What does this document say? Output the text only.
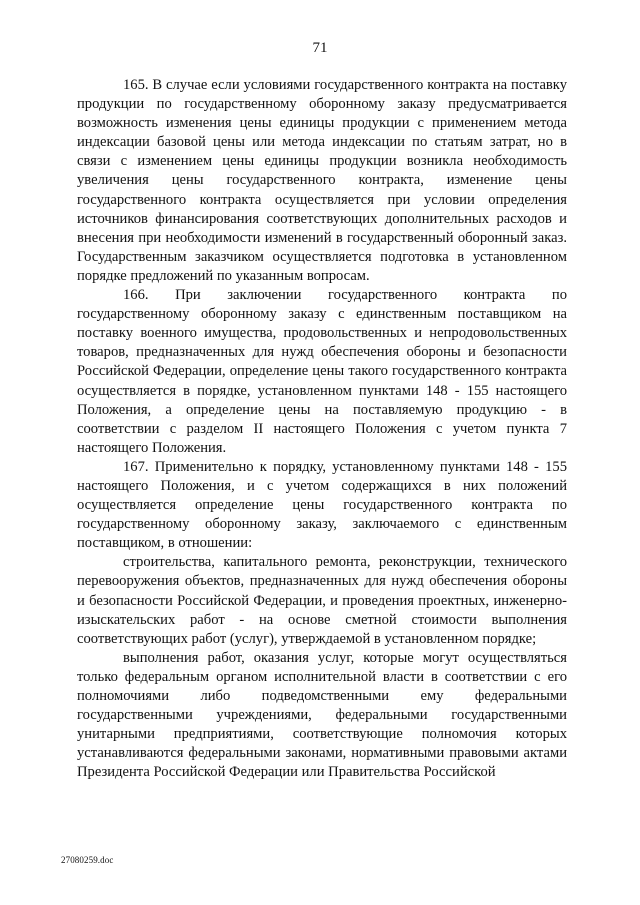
71

165. В случае если условиями государственного контракта на поставку продукции по государственному оборонному заказу предусматривается возможность изменения цены единицы продукции с применением метода индексации базовой цены или метода индексации по статьям затрат, но в связи с изменением цены единицы продукции возникла необходимость увеличения цены государственного контракта, изменение цены государственного контракта осуществляется при условии определения источников финансирования соответствующих дополнительных расходов и внесения при необходимости изменений в государственный оборонный заказ. Государственным заказчиком осуществляется подготовка в установленном порядке предложений по указанным вопросам.

166. При заключении государственного контракта по государственному оборонному заказу с единственным поставщиком на поставку военного имущества, продовольственных и непродовольственных товаров, предназначенных для нужд обеспечения обороны и безопасности Российской Федерации, определение цены такого государственного контракта осуществляется в порядке, установленном пунктами 148 - 155 настоящего Положения, а определение цены на поставляемую продукцию - в соответствии с разделом II настоящего Положения с учетом пункта 7 настоящего Положения.

167. Применительно к порядку, установленному пунктами 148 - 155 настоящего Положения, и с учетом содержащихся в них положений осуществляется определение цены государственного контракта по государственному оборонному заказу, заключаемого с единственным поставщиком, в отношении:

строительства, капитального ремонта, реконструкции, технического перевооружения объектов, предназначенных для нужд обеспечения обороны и безопасности Российской Федерации, и проведения проектных, инженерно-изыскательских работ - на основе сметной стоимости выполнения соответствующих работ (услуг), утверждаемой в установленном порядке;

выполнения работ, оказания услуг, которые могут осуществляться только федеральным органом исполнительной власти в соответствии с его полномочиями либо подведомственными ему федеральными государственными учреждениями, федеральными государственными унитарными предприятиями, соответствующие полномочия которых устанавливаются федеральными законами, нормативными правовыми актами Президента Российской Федерации или Правительства Российской

27080259.doc
